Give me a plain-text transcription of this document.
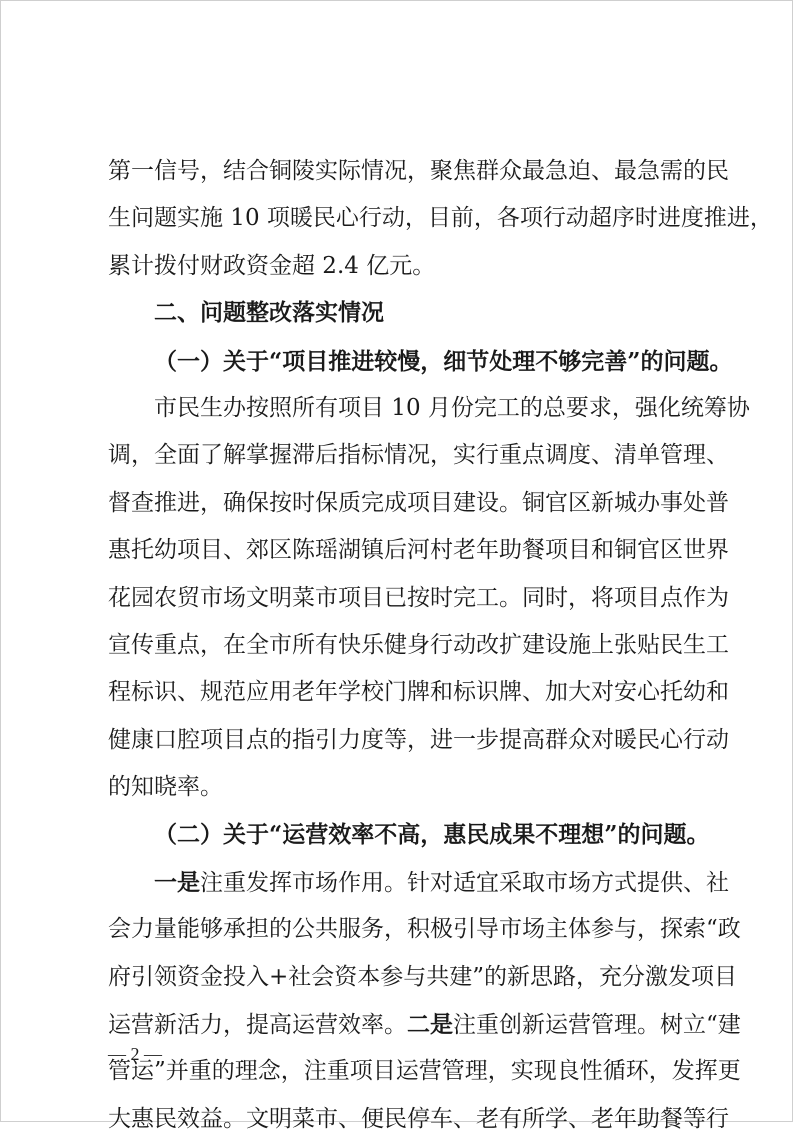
第一信号，结合铜陵实际情况，聚焦群众最急迫、最急需的民
生问题实施 10 项暖民心行动，目前，各项行动超序时进度推进，
累计拨付财政资金超 2.4 亿元。
二、问题整改落实情况
（一）关于“项目推进较慢，细节处理不够完善”的问题。
市民生办按照所有项目 10 月份完工的总要求，强化统筹协
调，全面了解掌握滞后指标情况，实行重点调度、清单管理、
督查推进，确保按时保质完成项目建设。铜官区新城办事处普
惠托幼项目、郊区陈瑶湖镇后河村老年助餐项目和铜官区世界
花园农贸市场文明菜市项目已按时完工。同时，将项目点作为
宣传重点，在全市所有快乐健身行动改扩建设施上张贴民生工
程标识、规范应用老年学校门牌和标识牌、加大对安心托幼和
健康口腔项目点的指引力度等，进一步提高群众对暖民心行动
的知晓率。
（二）关于“运营效率不高，惠民成果不理想”的问题。
一是注重发挥市场作用。针对适宜采取市场方式提供、社
会力量能够承担的公共服务，积极引导市场主体参与，探索“政
府引领资金投入+社会资本参与共建”的新思路，充分激发项目
运营新活力，提高运营效率。二是注重创新运营管理。树立“建
管运”并重的理念，注重项目运营管理，实现良性循环，发挥更
大惠民效益。文明菜市、便民停车、老有所学、老年助餐等行
— 2 —
